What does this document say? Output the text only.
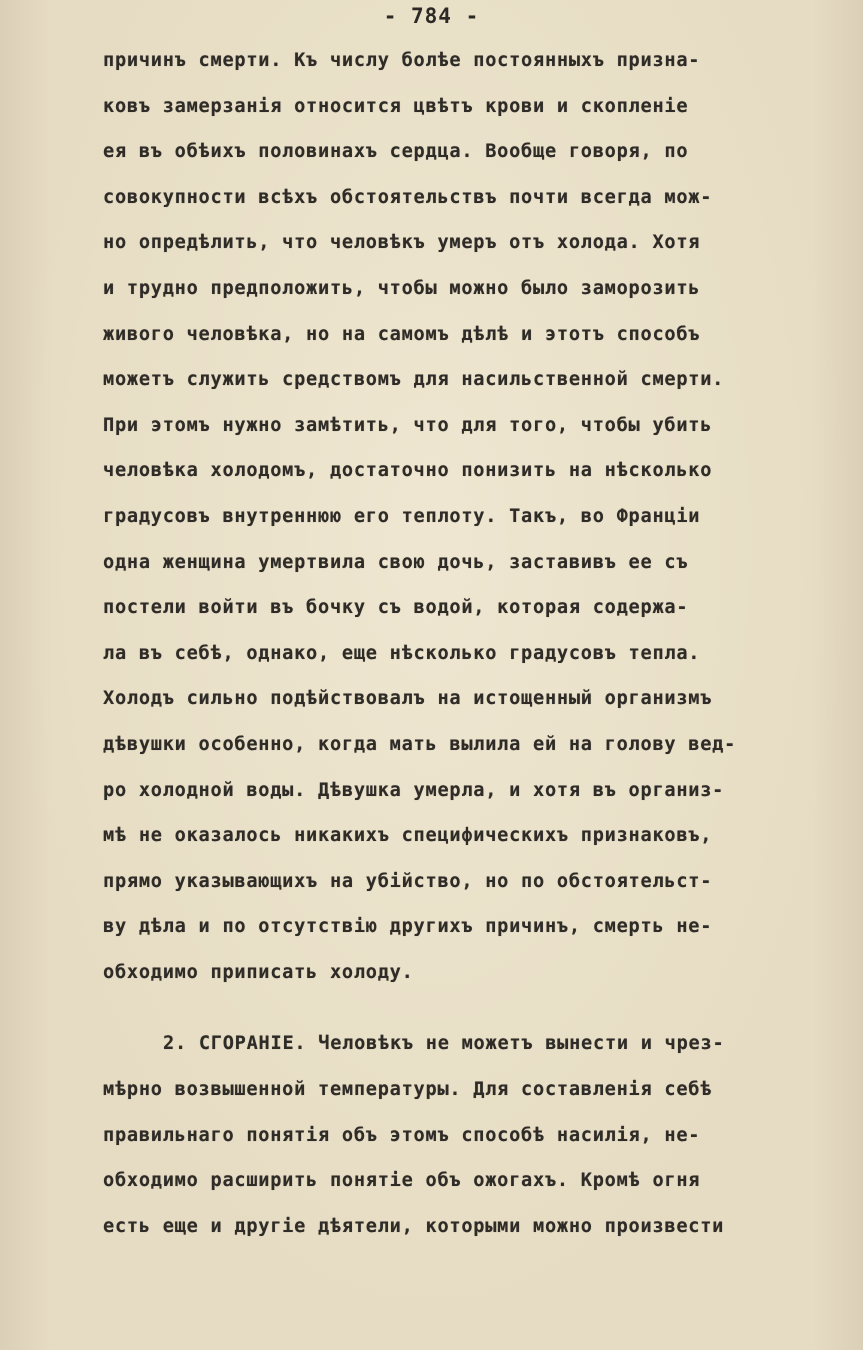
- 784 -
причинъ смерти. Къ числу болѣе постоянныхъ призна-
ковъ замерзанія относится цвѣтъ крови и скопленіе
ея въ обѣихъ половинахъ сердца. Вообще говоря, по
совокупности всѣхъ обстоятельствъ почти всегда мож-
но опредѣлить, что человѣкъ умеръ отъ холода. Хотя
и трудно предположить, чтобы можно было заморозить
живого человѣка, но на самомъ дѣлѣ и этотъ способъ
можетъ служить средствомъ для насильственной смерти.
При этомъ нужно замѣтить, что для того, чтобы убить
человѣка холодомъ, достаточно понизить на нѣсколько
градусовъ внутреннюю его теплоту. Такъ, во Франціи
одна женщина умертвила свою дочь, заставивъ ее съ
постели войти въ бочку съ водой, которая содержа-
ла въ себѣ, однако, еще нѣсколько градусовъ тепла.
Холодъ сильно подѣйствовалъ на истощенный организмъ
дѣвушки особенно, когда мать вылила ей на голову вед-
ро холодной воды. Дѣвушка умерла, и хотя въ организ-
мѣ не оказалось никакихъ специфическихъ признаковъ,
прямо указывающихъ на убійство, но по обстоятельст-
ву дѣла и по отсутствію другихъ причинъ, смерть не-
обходимо приписать холоду.
2. СГОРАНІЕ. Человѣкъ не можетъ вынести и чрез-
мѣрно возвышенной температуры. Для составленія себѣ
правильнаго понятія объ этомъ способѣ насилія, не-
обходимо расширить понятіе объ ожогахъ. Кромѣ огня
есть еще и другіе дѣятели, которыми можно произвести
